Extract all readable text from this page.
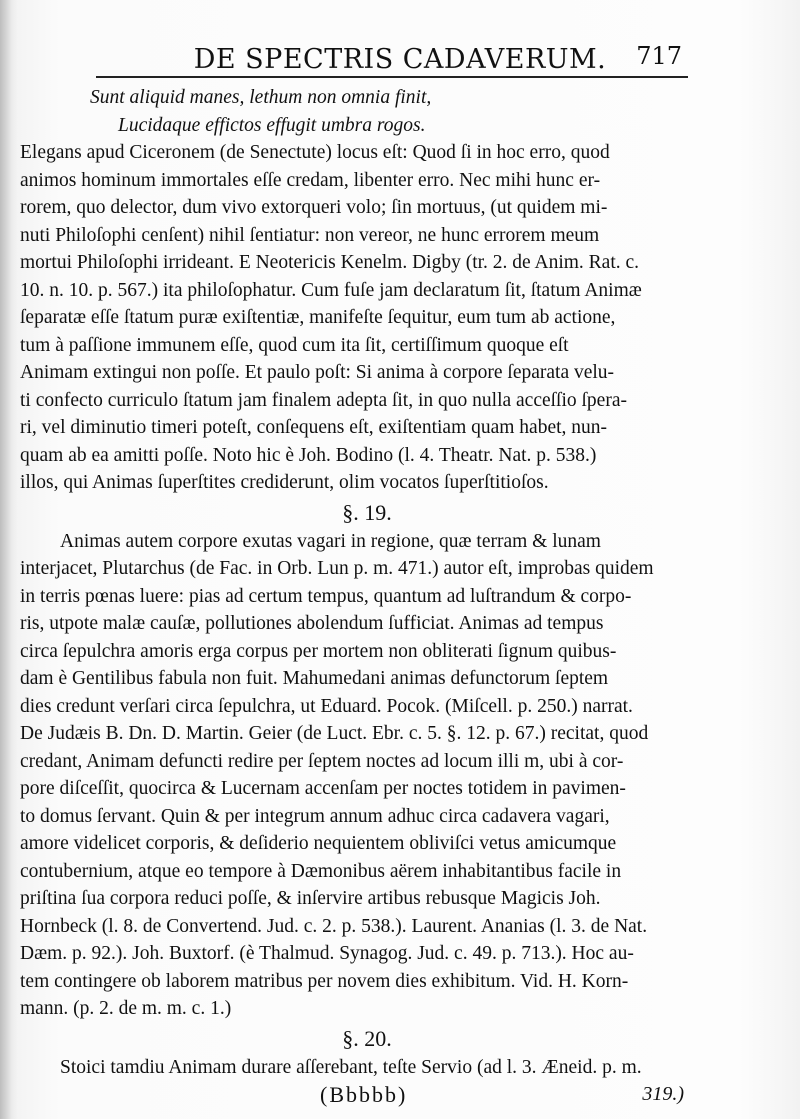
DE SPECTRIS CADAVERUM.	717
Sunt aliquid manes, lethum non omnia finit,
Lucidaque effictos effugit umbra rogos.
Elegans apud Ciceronem (de Senectute) locus eſt: Quod ſi in hoc erro, quod
animos hominum immortales eſſe credam, libenter erro. Nec mihi hunc er-
rorem, quo delector, dum vivo extorqueri volo; ſin mortuus, (ut quidem mi-
nuti Philoſophi cenſent) nihil ſentiatur: non vereor, ne hunc errorem meum
mortui Philoſophi irrideant. E Neotericis Kenelm. Digby (tr. 2. de Anim. Rat. c.
10. n. 10. p. 567.) ita philoſophatur. Cum fuſe jam declaratum ſit, ſtatum Animæ
ſeparatæ eſſe ſtatum puræ exiſtentiæ, manifeſte ſequitur, eum tum ab actione,
tum à paſſione immunem eſſe, quod cum ita ſit, certiſſimum quoque eſt
Animam extingui non poſſe. Et paulo poſt: Si anima à corpore ſeparata velu-
ti confecto curriculo ſtatum jam finalem adepta ſit, in quo nulla acceſſio ſpera-
ri, vel diminutio timeri poteſt, conſequens eſt, exiſtentiam quam habet, nun-
quam ab ea amitti poſſe. Noto hic è Joh. Bodino (l. 4. Theatr. Nat. p. 538.)
illos, qui Animas ſuperſtites crediderunt, olim vocatos ſuperſtitioſos.
§. 19.
Animas autem corpore exutas vagari in regione, quæ terram & lunam
interjacet, Plutarchus (de Fac. in Orb. Lun p. m. 471.) autor eſt, improbas quidem
in terris pœnas luere: pias ad certum tempus, quantum ad luſtrandum & corpo-
ris, utpote malæ cauſæ, pollutiones abolendum ſufficiat. Animas ad tempus
circa ſepulchra amoris erga corpus per mortem non obliterati ſignum quibus-
dam è Gentilibus fabula non fuit. Mahumedani animas defunctorum ſeptem
dies credunt verſari circa ſepulchra, ut Eduard. Pocok. (Miſcell. p. 250.) narrat.
De Judæis B. Dn. D. Martin. Geier (de Luct. Ebr. c. 5. §. 12. p. 67.) recitat, quod
credant, Animam defuncti redire per ſeptem noctes ad locum illi m, ubi à cor-
pore diſceſſit, quocirca & Lucernam accenſam per noctes totidem in pavimen-
to domus ſervant. Quin & per integrum annum adhuc circa cadavera vagari,
amore videlicet corporis, & deſiderio nequientem obliviſci vetus amicumque
contubernium, atque eo tempore à Dæmonibus aërem inhabitantibus facile in
priſtina ſua corpora reduci poſſe, & inſervire artibus rebusque Magicis Joh.
Hornbeck (l. 8. de Convertend. Jud. c. 2. p. 538.). Laurent. Ananias (l. 3. de Nat.
Dæm. p. 92.). Joh. Buxtorf. (è Thalmud. Synagog. Jud. c. 49. p. 713.). Hoc au-
tem contingere ob laborem matribus per novem dies exhibitum. Vid. H. Korn-
mann. (p. 2. de m. m. c. 1.)
§. 20.
Stoici tamdiu Animam durare aſſerebant, teſte Servio (ad l. 3. Æneid. p. m.
(Bbbbb)	319.)
